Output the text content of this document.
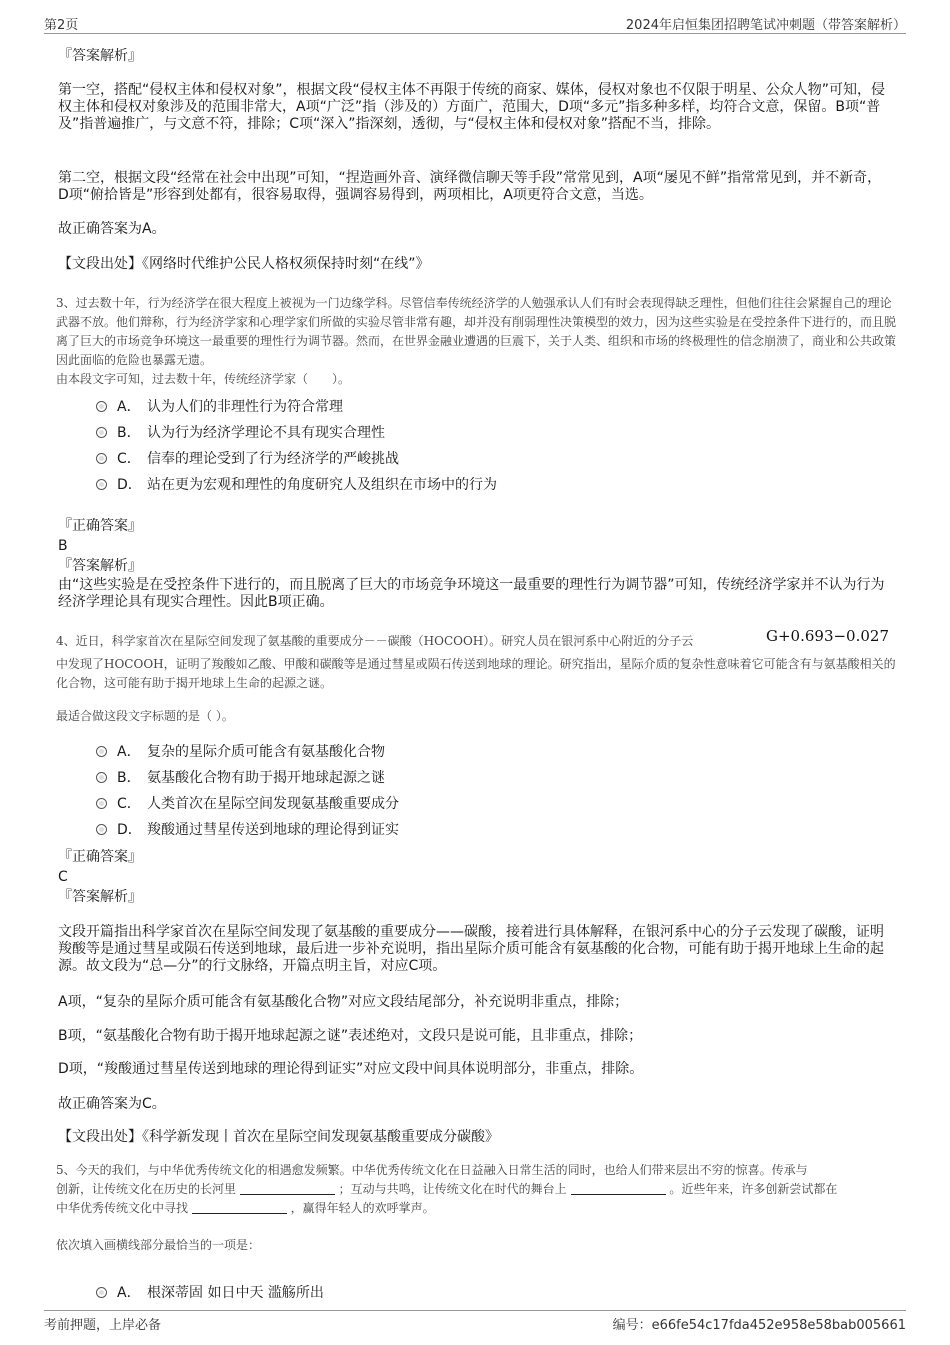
第2页	2024年启恒集团招聘笔试冲刺题（带答案解析）
『答案解析』
第一空，搭配“侵权主体和侵权对象”，根据文段“侵权主体不再限于传统的商家、媒体，侵权对象也不仅限于明星、公众人物”可知，侵权主体和侵权对象涉及的范围非常大，A项“广泛”指（涉及的）方面广，范围大，D项“多元”指多种多样，均符合文意，保留。B项“普及”指普遍推广，与文意不符，排除；C项“深入”指深刻，透彻，与“侵权主体和侵权对象”搭配不当，排除。
第二空，根据文段“经常在社会中出现”可知，“捏造画外音、演绎微信聊天等手段”常常见到，A项“屡见不鲜”指常常见到，并不新奇，D项“俯拾皆是”形容到处都有，很容易取得，强调容易得到，两项相比，A项更符合文意，当选。
故正确答案为A。
【文段出处】《网络时代维护公民人格权须保持时刻“在线”》
3、过去数十年，行为经济学在很大程度上被视为一门边缘学科。尽管信奉传统经济学的人勉强承认人们有时会表现得缺乏理性，但他们往往会紧握自己的理论武器不放。他们辩称，行为经济学家和心理学家们所做的实验尽管非常有趣，却并没有削弱理性决策模型的效力，因为这些实验是在受控条件下进行的，而且脱离了巨大的市场竞争环境这一最重要的理性行为调节器。然而，在世界金融业遭遇的巨震下，关于人类、组织和市场的终极理性的信念崩溃了，商业和公共政策因此面临的危险也暴露无遗。
由本段文字可知，过去数十年，传统经济学家（　　）。
A． 认为人们的非理性行为符合常理
B． 认为行为经济学理论不具有现实合理性
C． 信奉的理论受到了行为经济学的严峻挑战
D． 站在更为宏观和理性的角度研究人及组织在市场中的行为
『正确答案』
B
『答案解析』
由“这些实验是在受控条件下进行的，而且脱离了巨大的市场竞争环境这一最重要的理性行为调节器”可知，传统经济学家并不认为行为经济学理论具有现实合理性。因此B项正确。
4、近日，科学家首次在星际空间发现了氨基酸的重要成分－－碳酸（HOCOOH）。研究人员在银河系中心附近的分子云	G+0.693−0.027
中发现了HOCOOH，证明了羧酸如乙酸、甲酸和碳酸等是通过彗星或陨石传送到地球的理论。研究指出，星际介质的复杂性意味着它可能含有与氨基酸相关的化合物，这可能有助于揭开地球上生命的起源之谜。
最适合做这段文字标题的是（ ）。
A． 复杂的星际介质可能含有氨基酸化合物
B． 氨基酸化合物有助于揭开地球起源之谜
C． 人类首次在星际空间发现氨基酸重要成分
D． 羧酸通过彗星传送到地球的理论得到证实
『正确答案』
C
『答案解析』
文段开篇指出科学家首次在星际空间发现了氨基酸的重要成分——碳酸，接着进行具体解释，在银河系中心的分子云发现了碳酸，证明羧酸等是通过彗星或陨石传送到地球，最后进一步补充说明，指出星际介质可能含有氨基酸的化合物，可能有助于揭开地球上生命的起源。故文段为“总—分”的行文脉络，开篇点明主旨，对应C项。
A项，“复杂的星际介质可能含有氨基酸化合物”对应文段结尾部分，补充说明非重点，排除；
B项，“氨基酸化合物有助于揭开地球起源之谜”表述绝对，文段只是说可能，且非重点，排除；
D项，“羧酸通过彗星传送到地球的理论得到证实”对应文段中间具体说明部分，非重点，排除。
故正确答案为C。
【文段出处】《科学新发现丨首次在星际空间发现氨基酸重要成分碳酸》
5、今天的我们，与中华优秀传统文化的相遇愈发频繁。中华优秀传统文化在日益融入日常生活的同时，也给人们带来层出不穷的惊喜。传承与
创新，让传统文化在历史的长河里	；互动与共鸣，让传统文化在时代的舞台上	。近些年来，许多创新尝试都在
中华优秀传统文化中寻找	，赢得年轻人的欢呼掌声。
依次填入画横线部分最恰当的一项是：
A． 根深蒂固 如日中天 滥觞所出
考前押题，上岸必备	编号：e66fe54c17fda452e958e58bab005661
